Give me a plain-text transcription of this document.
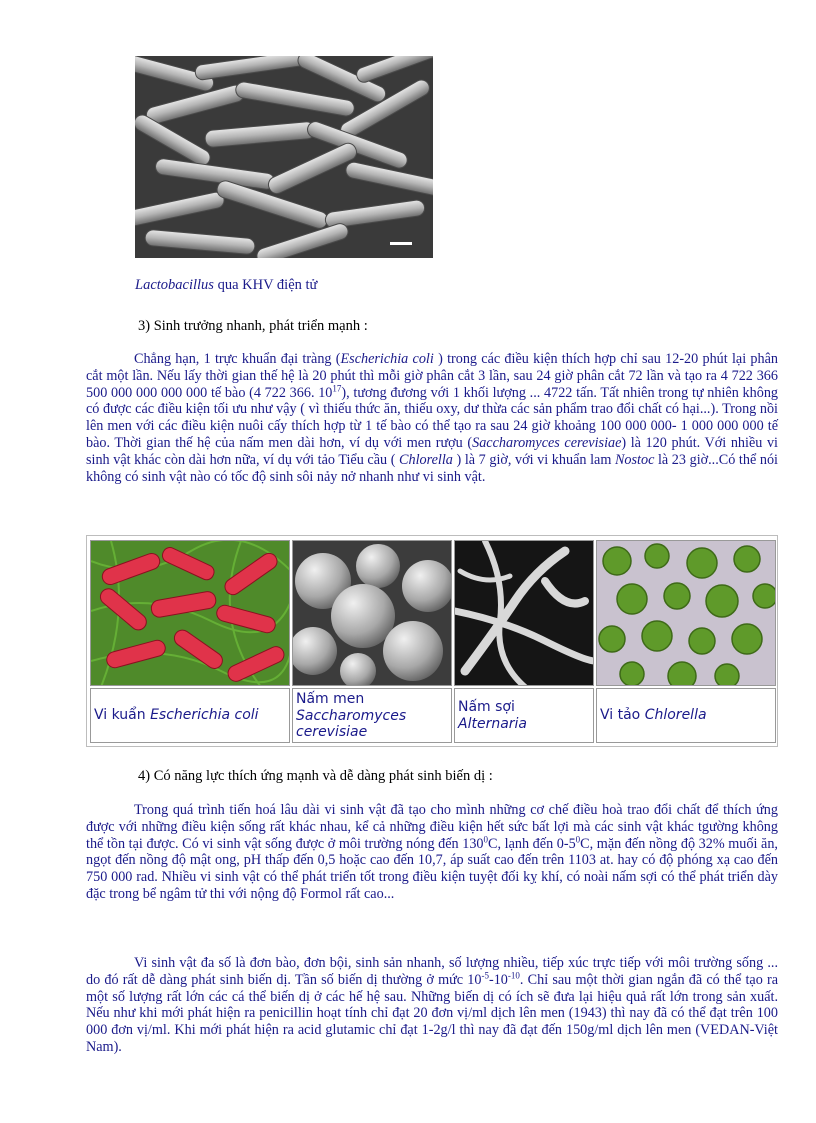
Lactobacillus qua KHV điện tử
3) Sinh trưởng nhanh, phát triển mạnh :
Chẳng hạn, 1 trực khuẩn đại tràng (Escherichia coli ) trong các điều kiện thích hợp chỉ sau 12-20 phút lại phân cắt một lần. Nếu lấy thời gian thế hệ là 20 phút thì mỗi giờ phân cắt 3 lần, sau 24 giờ phân cắt 72 lần và tạo ra 4 722 366 500 000 000 000 000 tế bào (4 722 366. $10^{17}$), tương đương với 1 khối lượng ... 4722 tấn. Tất nhiên trong tự nhiên không có được các điều kiện tối ưu như vậy ( vì thiếu thức ăn, thiếu oxy, dư thừa các sản phẩm trao đổi chất có hại...). Trong nồi lên men với các điều kiện nuôi cấy thích hợp từ 1 tế bào có thể tạo ra sau 24 giờ khoảng 100 000 000- 1 000 000 000 tế bào. Thời gian thế hệ của nấm men dài hơn, ví dụ với men rượu (Saccharomyces cerevisiae) là 120 phút. Với nhiều vi sinh vật khác còn dài hơn nữa, ví dụ với tảo Tiểu cầu ( Chlorella ) là 7 giờ, với vi khuẩn lam Nostoc là 23 giờ...Có thể nói không có sinh vật nào có tốc độ sinh sôi nảy nở nhanh như vi sinh vật.
Vi kuẩn Escherichia coli
Nấm men
Saccharomyces cerevisiae
Nấm sợi
Alternaria
Vi tảo Chlorella
4) Có năng lực thích ứng mạnh và dễ dàng phát sinh biến dị :
Trong quá trình tiến hoá lâu dài vi sinh vật đã tạo cho mình những cơ chế điều hoà trao đổi chất để thích ứng được với những điều kiện sống rất khác nhau, kể cả những điều kiện hết sức bất lợi mà các sinh vật khác tgường không thể tồn tại được. Có vi sinh vật sống được ở môi trường nóng đến $130^0C$, lạnh đến $0-5^0C$, mặn đến nồng độ 32% muối ăn, ngọt đến nồng độ mật ong, pH thấp đến 0,5 hoặc cao đến 10,7, áp suất cao đến trên 1103 at. hay có độ phóng xạ cao đến 750 000 rad. Nhiều vi sinh vật có thể phát triển tốt trong điều kiện tuyệt đối kỵ khí, có noài nấm sợi có thể phát triển dày đặc trong bể ngâm tử thi với nộng độ Formol rất cao...
Vi sinh vật đa số là đơn bào, đơn bội, sinh sản nhanh, số lượng nhiều, tiếp xúc trực tiếp với môi trường sống ... do đó rất dễ dàng phát sinh biến dị. Tần số biến dị thường ở mức $10^{-5}-10^{-10}$. Chỉ sau một thời gian ngắn đã có thể tạo ra một số lượng rất lớn các cá thể biến dị ở các hế hệ sau. Những biến dị có ích sẽ đưa lại hiệu quả rất lớn trong sản xuất. Nếu như khi mới phát hiện ra penicillin hoạt tính chỉ đạt 20 đơn vị/ml dịch lên men (1943) thì nay đã có thể đạt trên 100 000 đơn vị/ml. Khi mới phát hiện ra acid glutamic chỉ đạt 1-2g/l thì nay đã đạt đến 150g/ml dịch lên men (VEDAN-Việt Nam).
